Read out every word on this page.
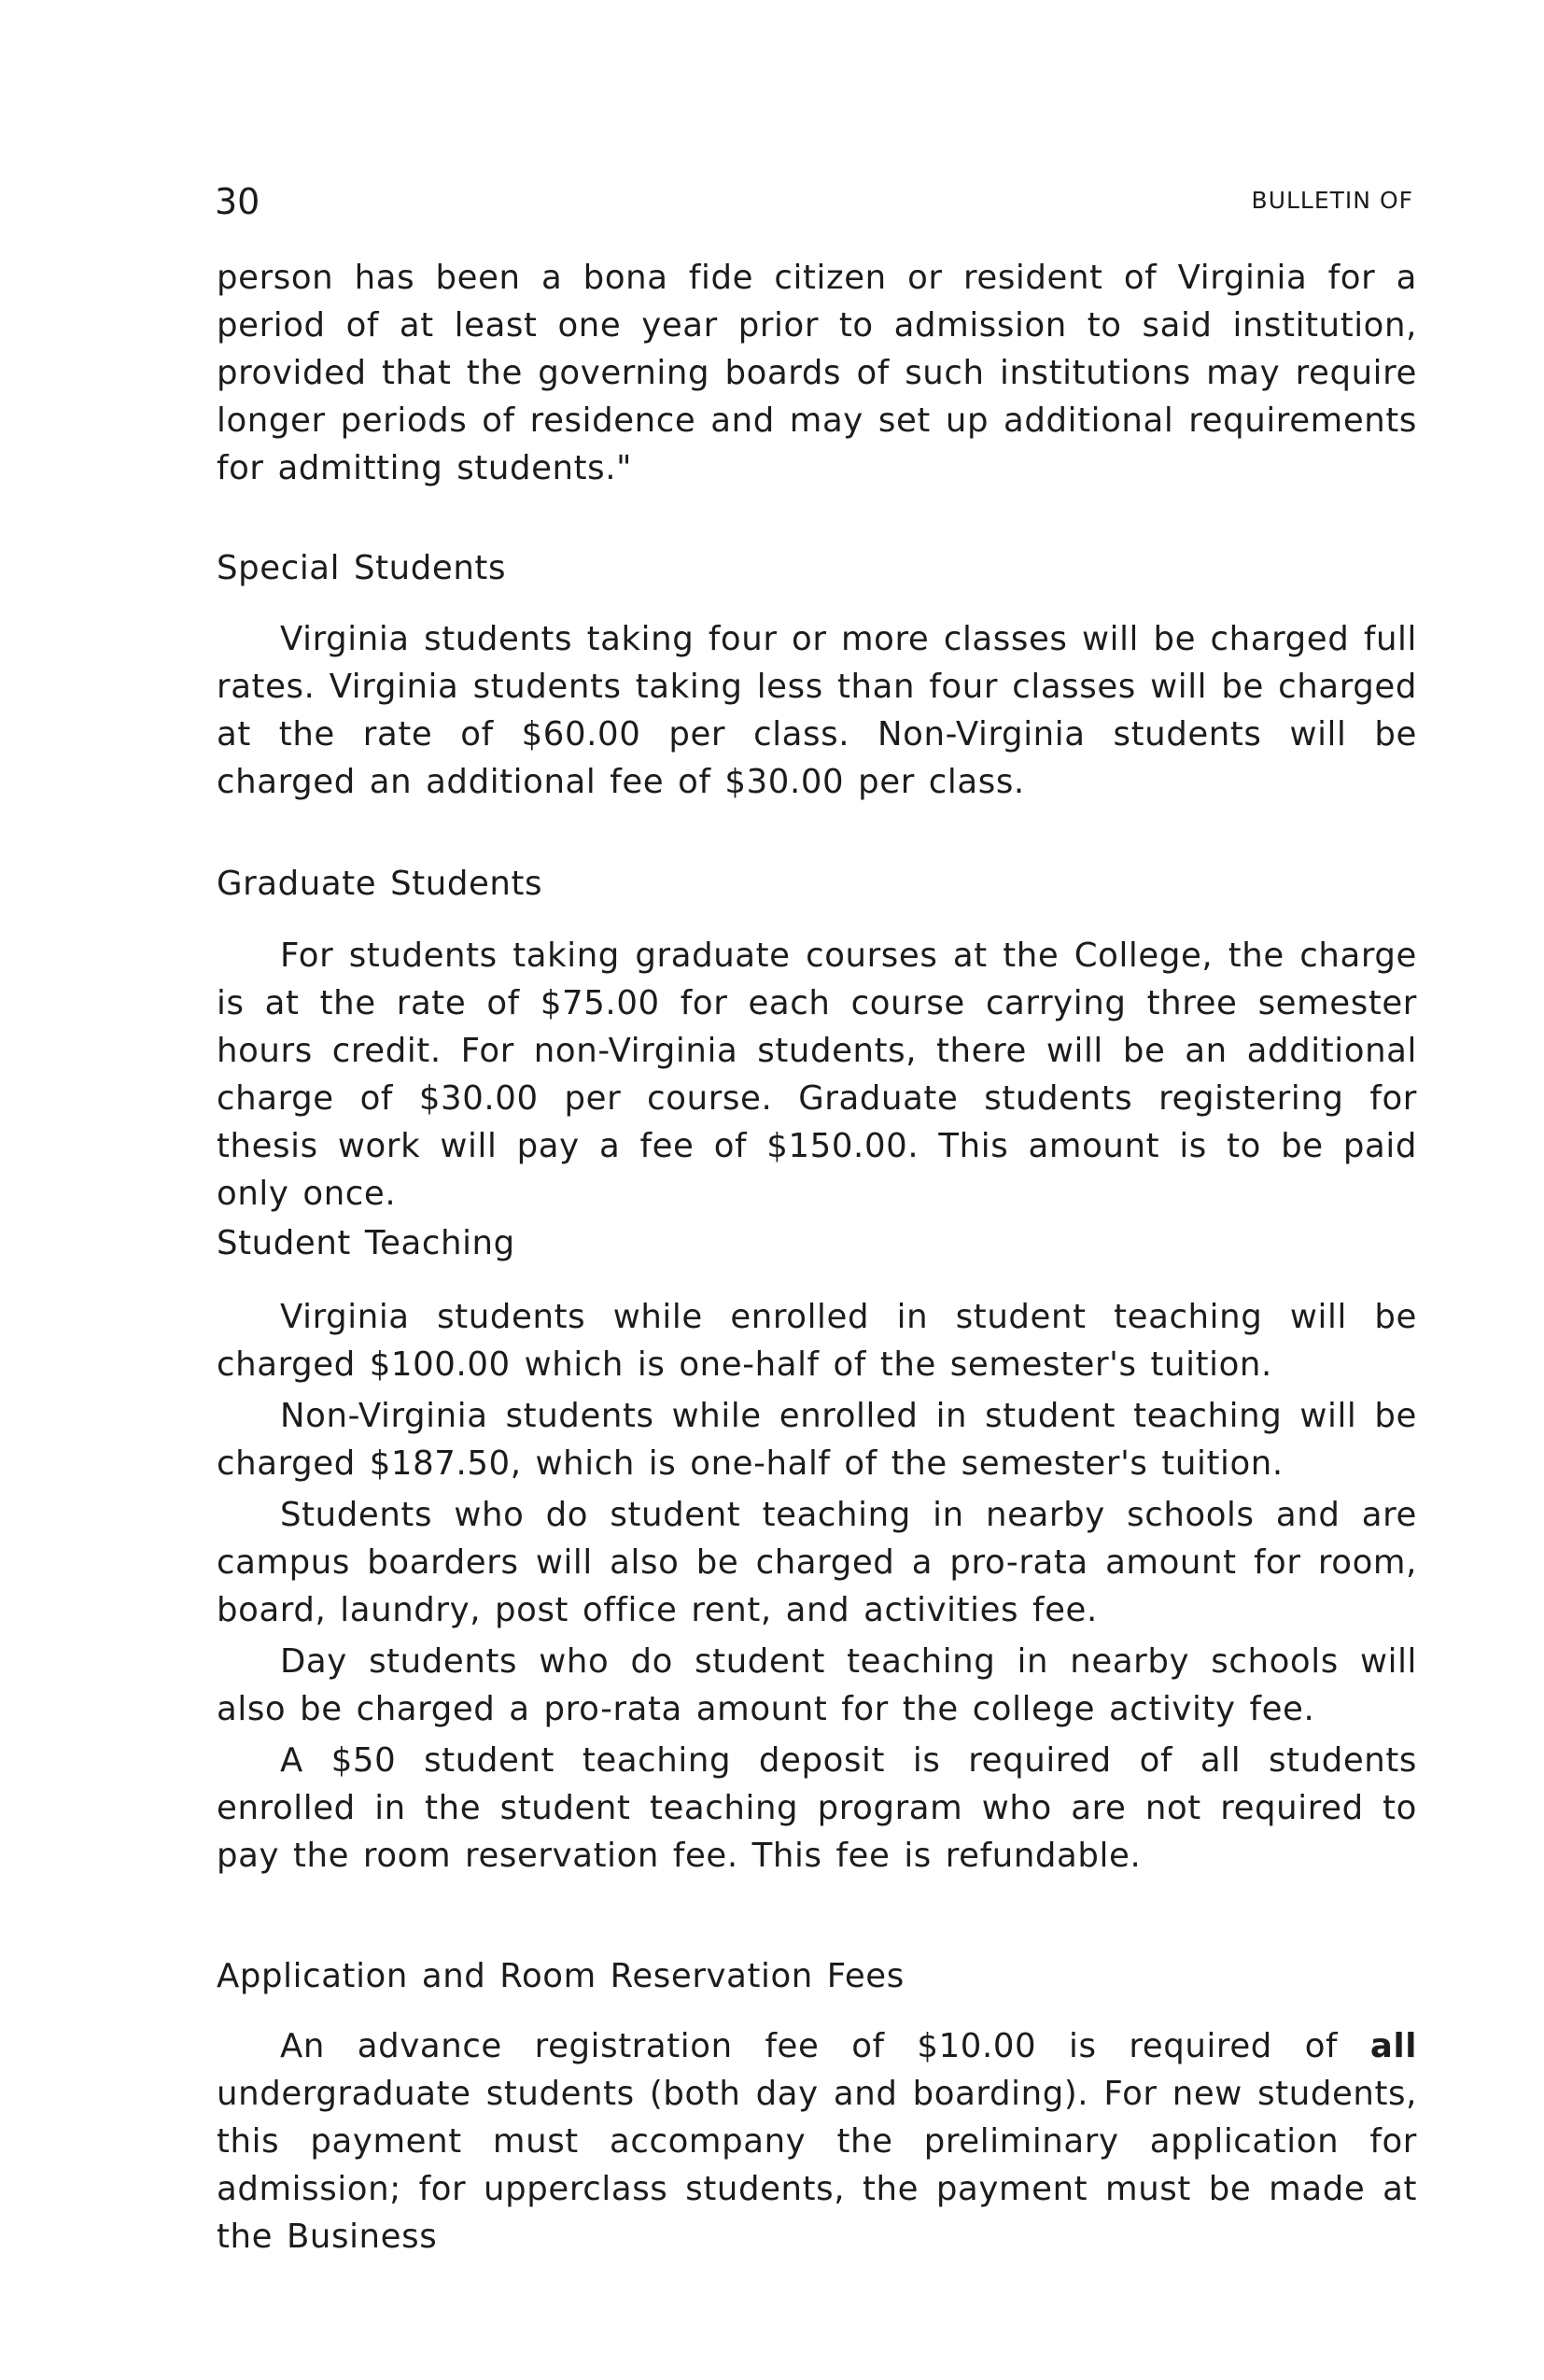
30	BULLETIN OF

person has been a bona fide citizen or resident of Virginia for a period of at least one year prior to admission to said institution, provided that the governing boards of such institutions may require longer periods of residence and may set up additional requirements for admitting students."

Special Students

Virginia students taking four or more classes will be charged full rates. Virginia students taking less than four classes will be charged at the rate of $60.00 per class. Non-Virginia students will be charged an additional fee of $30.00 per class.

Graduate Students

For students taking graduate courses at the College, the charge is at the rate of $75.00 for each course carrying three semester hours credit. For non-Virginia students, there will be an additional charge of $30.00 per course. Graduate students registering for thesis work will pay a fee of $150.00. This amount is to be paid only once.

Student Teaching

Virginia students while enrolled in student teaching will be charged $100.00 which is one-half of the semester's tuition.

Non-Virginia students while enrolled in student teaching will be charged $187.50, which is one-half of the semester's tuition.

Students who do student teaching in nearby schools and are campus boarders will also be charged a pro-rata amount for room, board, laundry, post office rent, and activities fee.

Day students who do student teaching in nearby schools will also be charged a pro-rata amount for the college activity fee.

A $50 student teaching deposit is required of all students enrolled in the student teaching program who are not required to pay the room reservation fee. This fee is refundable.

Application and Room Reservation Fees

An advance registration fee of $10.00 is required of all undergraduate students (both day and boarding). For new students, this payment must accompany the preliminary application for admission; for upperclass students, the payment must be made at the Business
